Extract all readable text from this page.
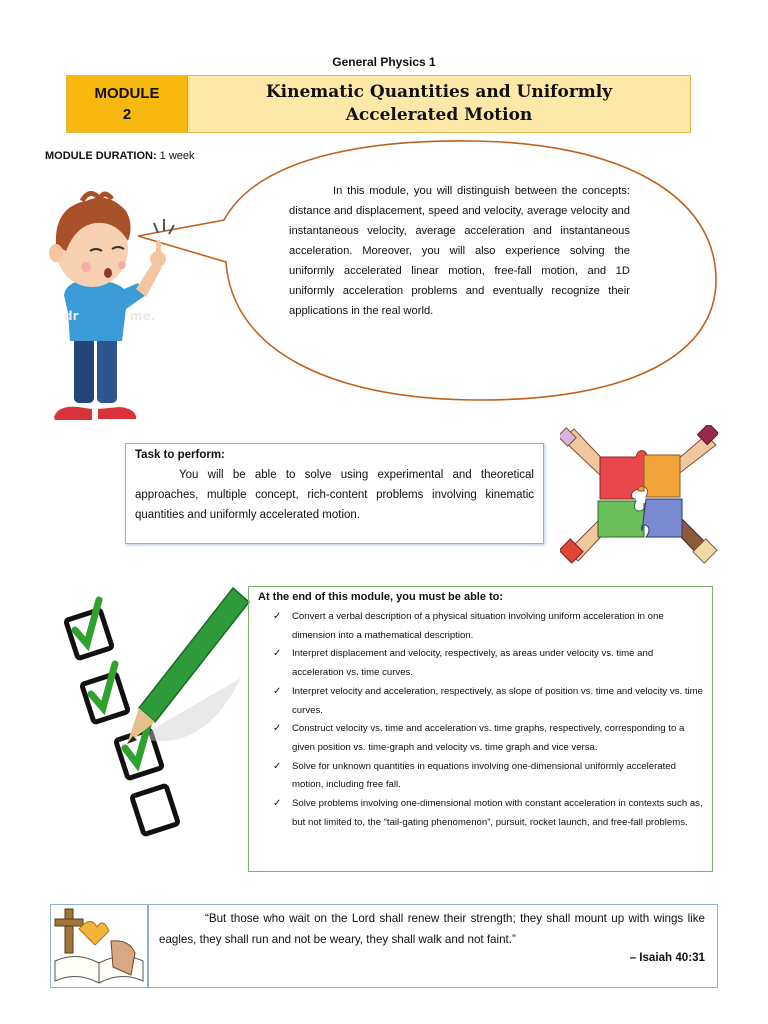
General Physics 1
MODULE
2
Kinematic Quantities and Uniformly
Accelerated Motion
MODULE DURATION: 1 week
dr	me.
In this module, you will distinguish between the concepts: distance and displacement, speed and velocity, average velocity and instantaneous velocity, average acceleration and instantaneous acceleration. Moreover, you will also experience solving the uniformly accelerated linear motion, free-fall motion, and 1D uniformly acceleration problems and eventually recognize their applications in the real world.
Task to perform:
You will be able to solve using experimental and theoretical approaches, multiple concept, rich-content problems involving kinematic quantities and uniformly accelerated motion.
At the end of this module, you must be able to:
✓ Convert a verbal description of a physical situation involving uniform acceleration in one dimension into a mathematical description.
✓ Interpret displacement and velocity, respectively, as areas under velocity vs. time and acceleration vs. time curves.
✓ Interpret velocity and acceleration, respectively, as slope of position vs. time and velocity vs. time curves.
✓ Construct velocity vs. time and acceleration vs. time graphs, respectively, corresponding to a given position vs. time-graph and velocity vs. time graph and vice versa.
✓ Solve for unknown quantities in equations involving one-dimensional uniformly accelerated motion, including free fall.
✓ Solve problems involving one-dimensional motion with constant acceleration in contexts such as, but not limited to, the “tail-gating phenomenon”, pursuit, rocket launch, and free-fall problems.
“But those who wait on the Lord shall renew their strength; they shall mount up with wings like eagles, they shall run and not be weary, they shall walk and not faint.”
– Isaiah 40:31
